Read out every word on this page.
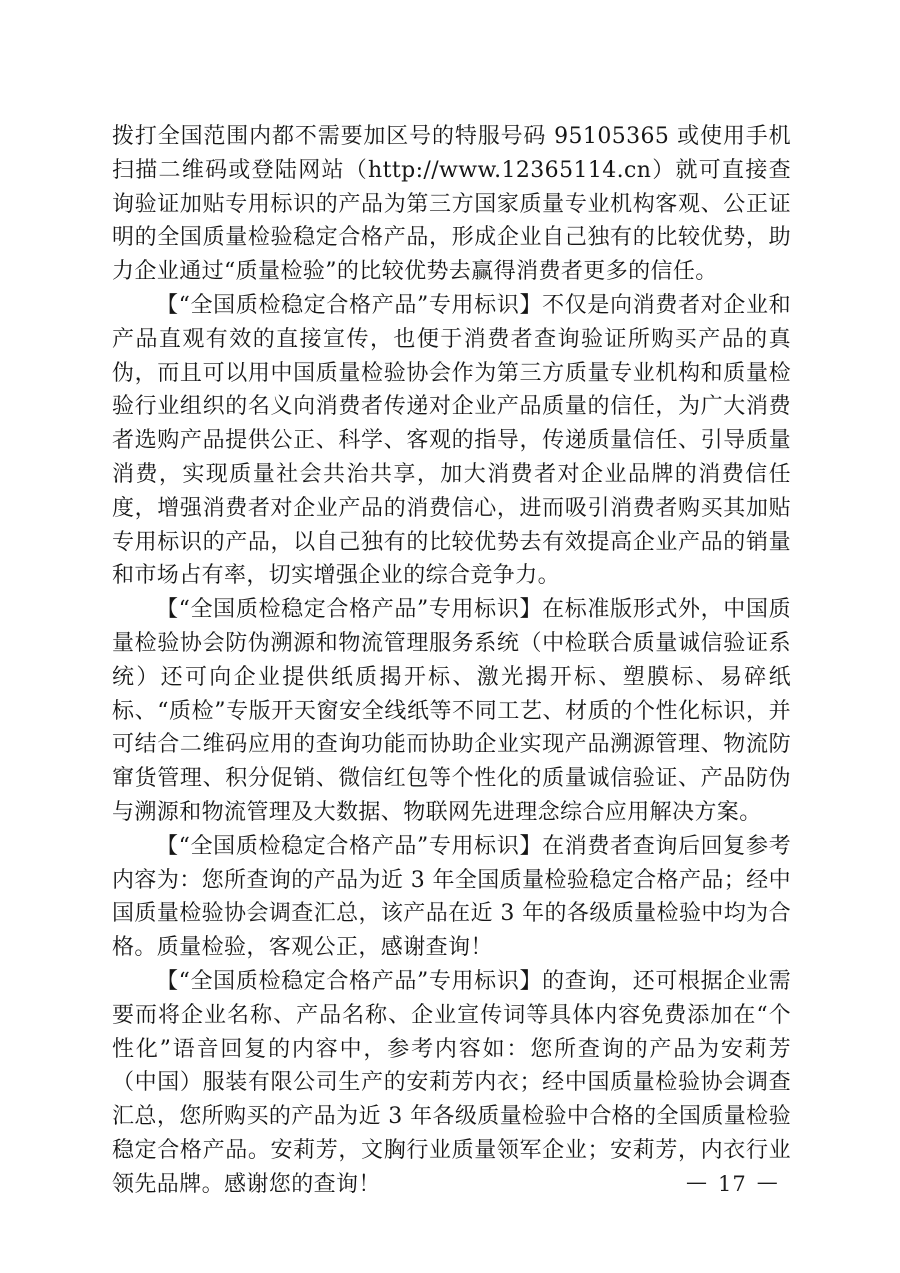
拨打全国范围内都不需要加区号的特服号码 95105365 或使用手机扫描二维码或登陆网站（http://www.12365114.cn）就可直接查询验证加贴专用标识的产品为第三方国家质量专业机构客观、公正证明的全国质量检验稳定合格产品，形成企业自己独有的比较优势，助力企业通过“质量检验”的比较优势去赢得消费者更多的信任。

【“全国质检稳定合格产品”专用标识】不仅是向消费者对企业和产品直观有效的直接宣传，也便于消费者查询验证所购买产品的真伪，而且可以用中国质量检验协会作为第三方质量专业机构和质量检验行业组织的名义向消费者传递对企业产品质量的信任，为广大消费者选购产品提供公正、科学、客观的指导，传递质量信任、引导质量消费，实现质量社会共治共享，加大消费者对企业品牌的消费信任度，增强消费者对企业产品的消费信心，进而吸引消费者购买其加贴专用标识的产品，以自己独有的比较优势去有效提高企业产品的销量和市场占有率，切实增强企业的综合竞争力。

【“全国质检稳定合格产品”专用标识】在标准版形式外，中国质量检验协会防伪溯源和物流管理服务系统（中检联合质量诚信验证系统）还可向企业提供纸质揭开标、激光揭开标、塑膜标、易碎纸标、“质检”专版开天窗安全线纸等不同工艺、材质的个性化标识，并可结合二维码应用的查询功能而协助企业实现产品溯源管理、物流防窜货管理、积分促销、微信红包等个性化的质量诚信验证、产品防伪与溯源和物流管理及大数据、物联网先进理念综合应用解决方案。

【“全国质检稳定合格产品”专用标识】在消费者查询后回复参考内容为：您所查询的产品为近 3 年全国质量检验稳定合格产品；经中国质量检验协会调查汇总，该产品在近 3 年的各级质量检验中均为合格。质量检验，客观公正，感谢查询！

【“全国质检稳定合格产品”专用标识】的查询，还可根据企业需要而将企业名称、产品名称、企业宣传词等具体内容免费添加在“个性化”语音回复的内容中，参考内容如：您所查询的产品为安莉芳（中国）服装有限公司生产的安莉芳内衣；经中国质量检验协会调查汇总，您所购买的产品为近 3 年各级质量检验中合格的全国质量检验稳定合格产品。安莉芳，文胸行业质量领军企业；安莉芳，内衣行业领先品牌。感谢您的查询！	— 17 —
